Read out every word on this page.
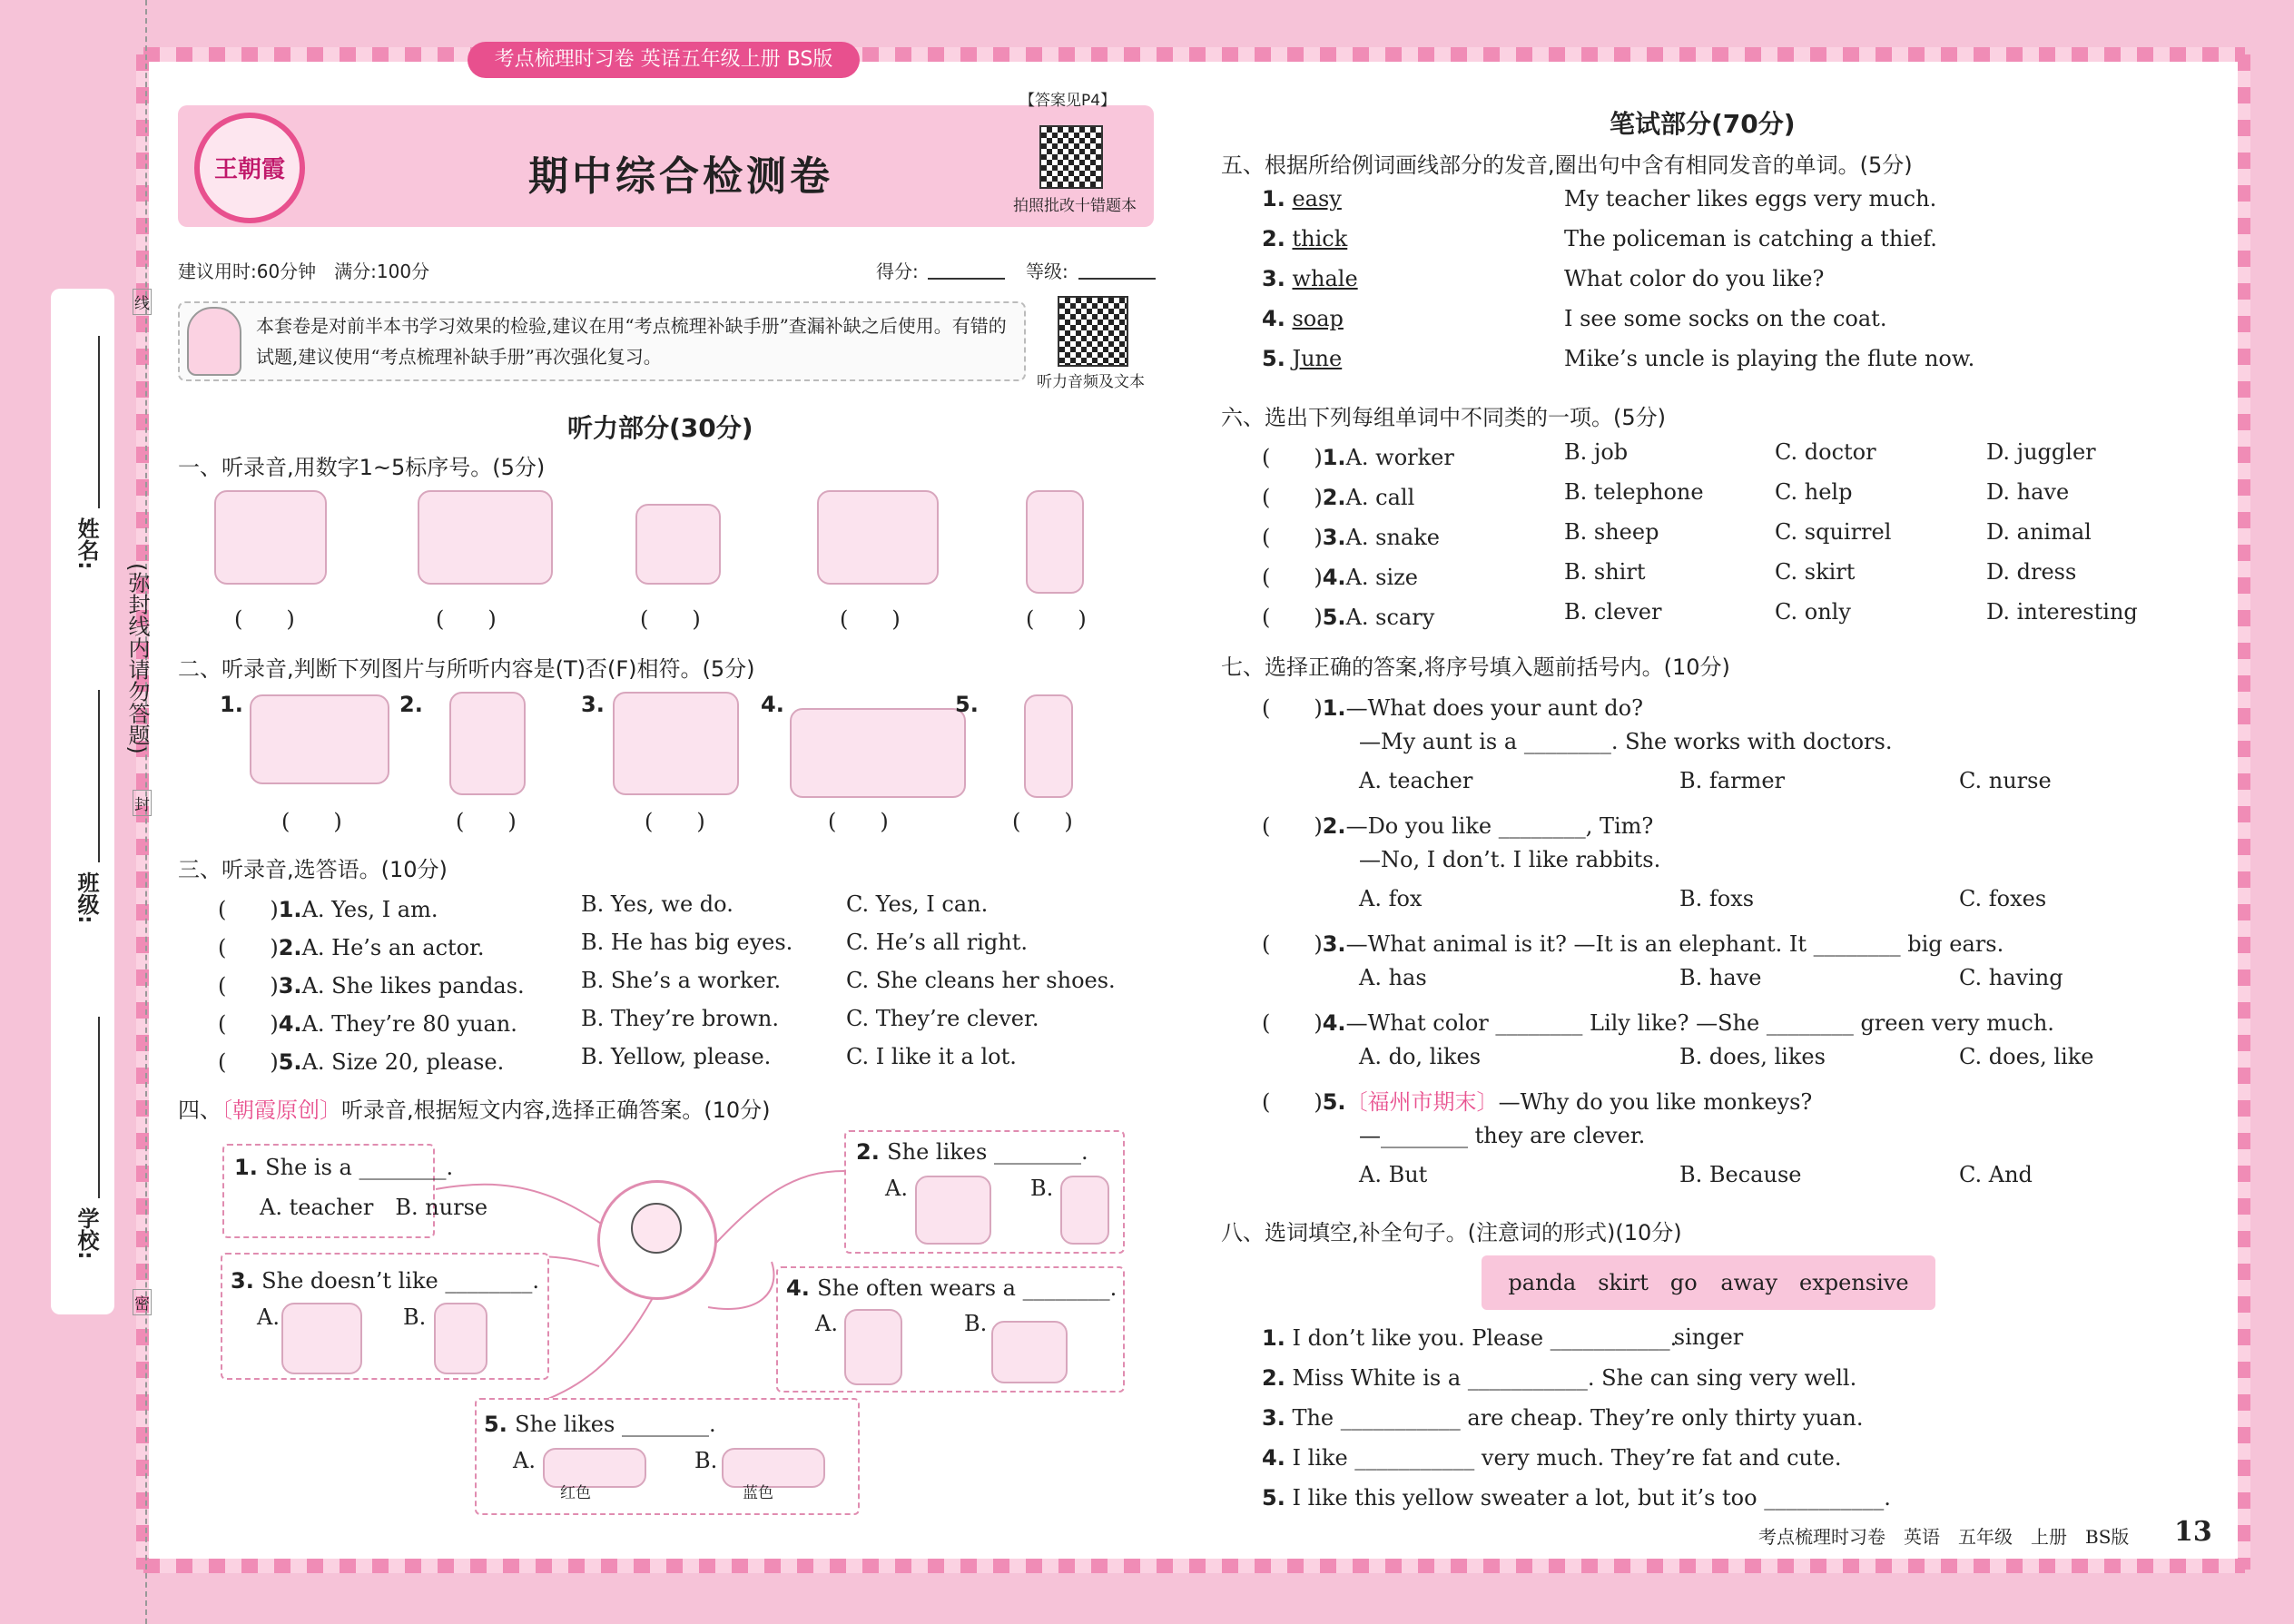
学校:
班级:
姓名:
(弥封线内请勿答题)
线
封
密
考点梳理时习卷 英语五年级上册 BS版
王朝霞	期中综合检测卷
【答案见P4】
拍照批改十错题本
建议用时:60分钟　满分:100分	得分:	等级:
本套卷是对前半本书学习效果的检验,建议在用“考点梳理补缺手册”查漏补缺之后使用。有错的试题,建议使用“考点梳理补缺手册”再次强化复习。
听力音频及文本
听力部分(30分)
一、听录音,用数字1~5标序号。(5分)
(　　)	(　　)	(　　)	(　　)	(　　)
二、听录音,判断下列图片与所听内容是(T)否(F)相符。(5分)
1.	2.	3.	4.	5.
(　　)	(　　)	(　　)	(　　)	(　　)
三、听录音,选答语。(10分)
(　　)1.A. Yes, I am.	B. Yes, we do.	C. Yes, I can.
(　　)2.A. He’s an actor.	B. He has big eyes. C. He’s all right.
(　　)3.A. She likes pandas.	B. She’s a worker.	C. She cleans her shoes.
(　　)4.A. They’re 80 yuan.	B. They’re brown.	C. They’re clever.
(　　)5.A. Size 20, please.	B. Yellow, please.	C. I like it a lot.
四、〔朝霞原创〕听录音,根据短文内容,选择正确答案。(10分)
1. She is a ________.
A. teacher　B. nurse
2. She likes ________.
A.	B.
3. She doesn’t like ________.
A.	B.
4. She often wears a ________.
A.	B.
5. She likes ________.
A.
红色
B.
蓝色
笔试部分(70分)
五、根据所给例词画线部分的发音,圈出句中含有相同发音的单词。(5分)
1. easy	My teacher likes eggs very much.
2. thick	The policeman is catching a thief.
3. whale	What color do you like?
4. soap	I see some socks on the coat.
5. June	Mike’s uncle is playing the flute now.
六、选出下列每组单词中不同类的一项。(5分)
(　　)1.A. worker	B. job	C. doctor	D. juggler
(　　)2.A. call	B. telephone	C. help	D. have
(　　)3.A. snake	B. sheep	C. squirrel	D. animal
(　　)4.A. size	B. shirt	C. skirt	D. dress
(　　)5.A. scary	B. clever	C. only	D. interesting
七、选择正确的答案,将序号填入题前括号内。(10分)
(　　)1.—What does your aunt do?
—My aunt is a ________. She works with doctors.
A. teacher	B. farmer	C. nurse
(　　)2.—Do you like ________, Tim?
—No, I don’t. I like rabbits.
A. fox	B. foxs	C. foxes
(　　)3.—What animal is it? —It is an elephant. It ________ big ears.
A. has	B. have	C. having
(　　)4.—What color ________ Lily like? —She ________ green very much.
A. do, likes	B. does, likes	C. does, like
(　　)5.〔福州市期末〕—Why do you like monkeys?
—________ they are clever.
A. But	B. Because	C. And
八、选词填空,补全句子。(注意词的形式)(10分)
panda　skirt　go away　expensive　singer
1. I don’t like you. Please ___________.
2. Miss White is a ___________. She can sing very well.
3. The ___________ are cheap. They’re only thirty yuan.
4. I like ___________ very much. They’re fat and cute.
5. I like this yellow sweater a lot, but it’s too ___________.
考点梳理时习卷　英语　五年级　上册　BS版 13
